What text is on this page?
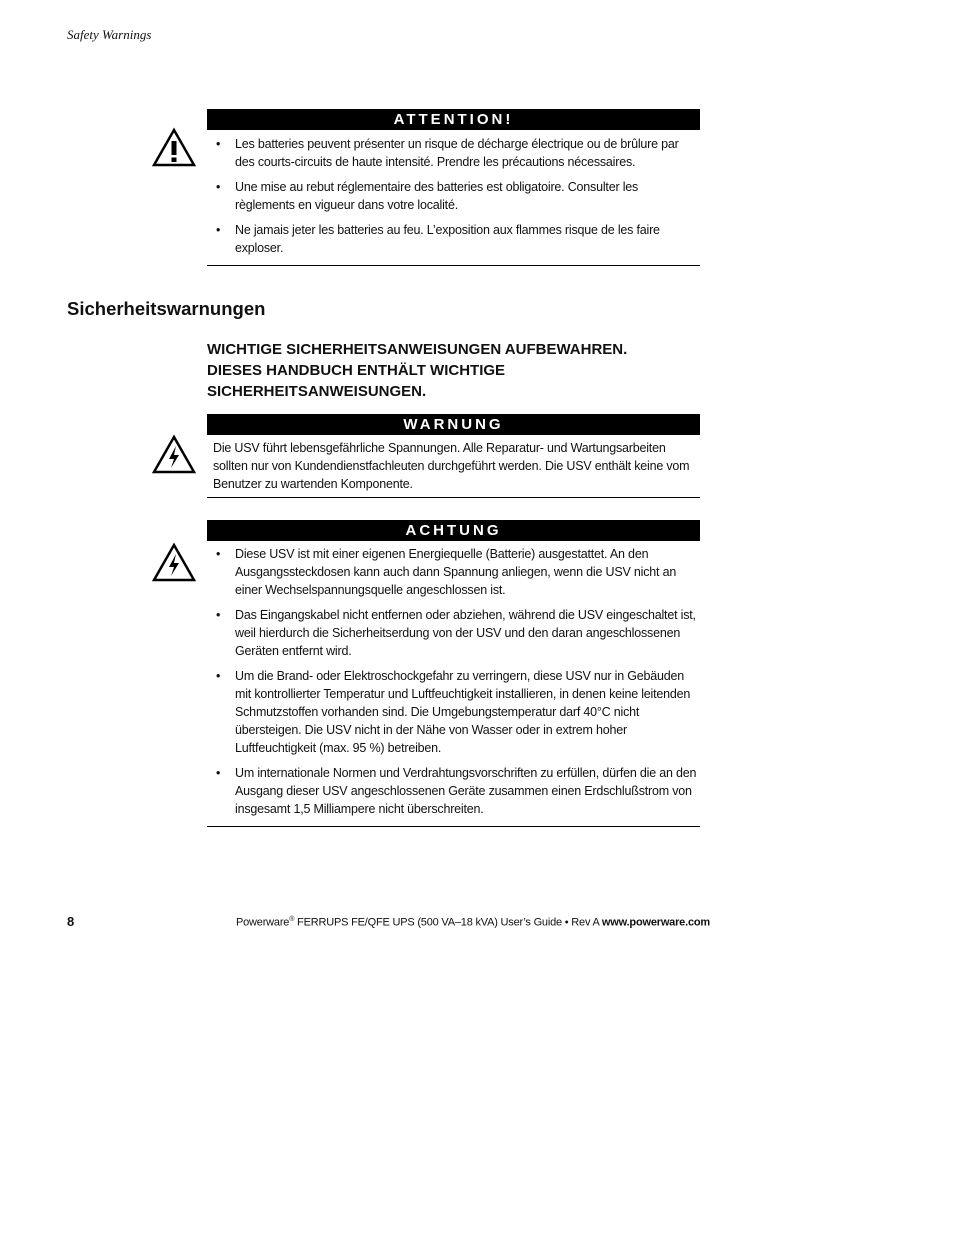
Safety Warnings
ATTENTION!
• Les batteries peuvent présenter un risque de décharge électrique ou de brûlure par des courts-circuits de haute intensité. Prendre les précautions nécessaires.
• Une mise au rebut réglementaire des batteries est obligatoire. Consulter les règlements en vigueur dans votre localité.
• Ne jamais jeter les batteries au feu. L’exposition aux flammes risque de les faire exploser.
Sicherheitswarnungen
WICHTIGE SICHERHEITSANWEISUNGEN AUFBEWAHREN.
DIESES HANDBUCH ENTHÄLT WICHTIGE
SICHERHEITSANWEISUNGEN.
WARNUNG
Die USV führt lebensgefährliche Spannungen. Alle Reparatur- und Wartungsarbeiten sollten nur von Kundendienstfachleuten durchgeführt werden. Die USV enthält keine vom Benutzer zu wartenden Komponente.
ACHTUNG
• Diese USV ist mit einer eigenen Energiequelle (Batterie) ausgestattet. An den Ausgangssteckdosen kann auch dann Spannung anliegen, wenn die USV nicht an einer Wechselspannungsquelle angeschlossen ist.
• Das Eingangskabel nicht entfernen oder abziehen, während die USV eingeschaltet ist, weil hierdurch die Sicherheitserdung von der USV und den daran angeschlossenen Geräten entfernt wird.
• Um die Brand- oder Elektroschockgefahr zu verringern, diese USV nur in Gebäuden mit kontrollierter Temperatur und Luftfeuchtigkeit installieren, in denen keine leitenden Schmutzstoffen vorhanden sind. Die Umgebungstemperatur darf 40°C nicht übersteigen. Die USV nicht in der Nähe von Wasser oder in extrem hoher Luftfeuchtigkeit (max. 95 %) betreiben.
• Um internationale Normen und Verdrahtungsvorschriften zu erfüllen, dürfen die an den Ausgang dieser USV angeschlossenen Geräte zusammen einen Erdschlußstrom von insgesamt 1,5 Milliampere nicht überschreiten.
8	Powerware® FERRUPS FE/QFE UPS (500 VA–18 kVA) User’s Guide • Rev A www.powerware.com
